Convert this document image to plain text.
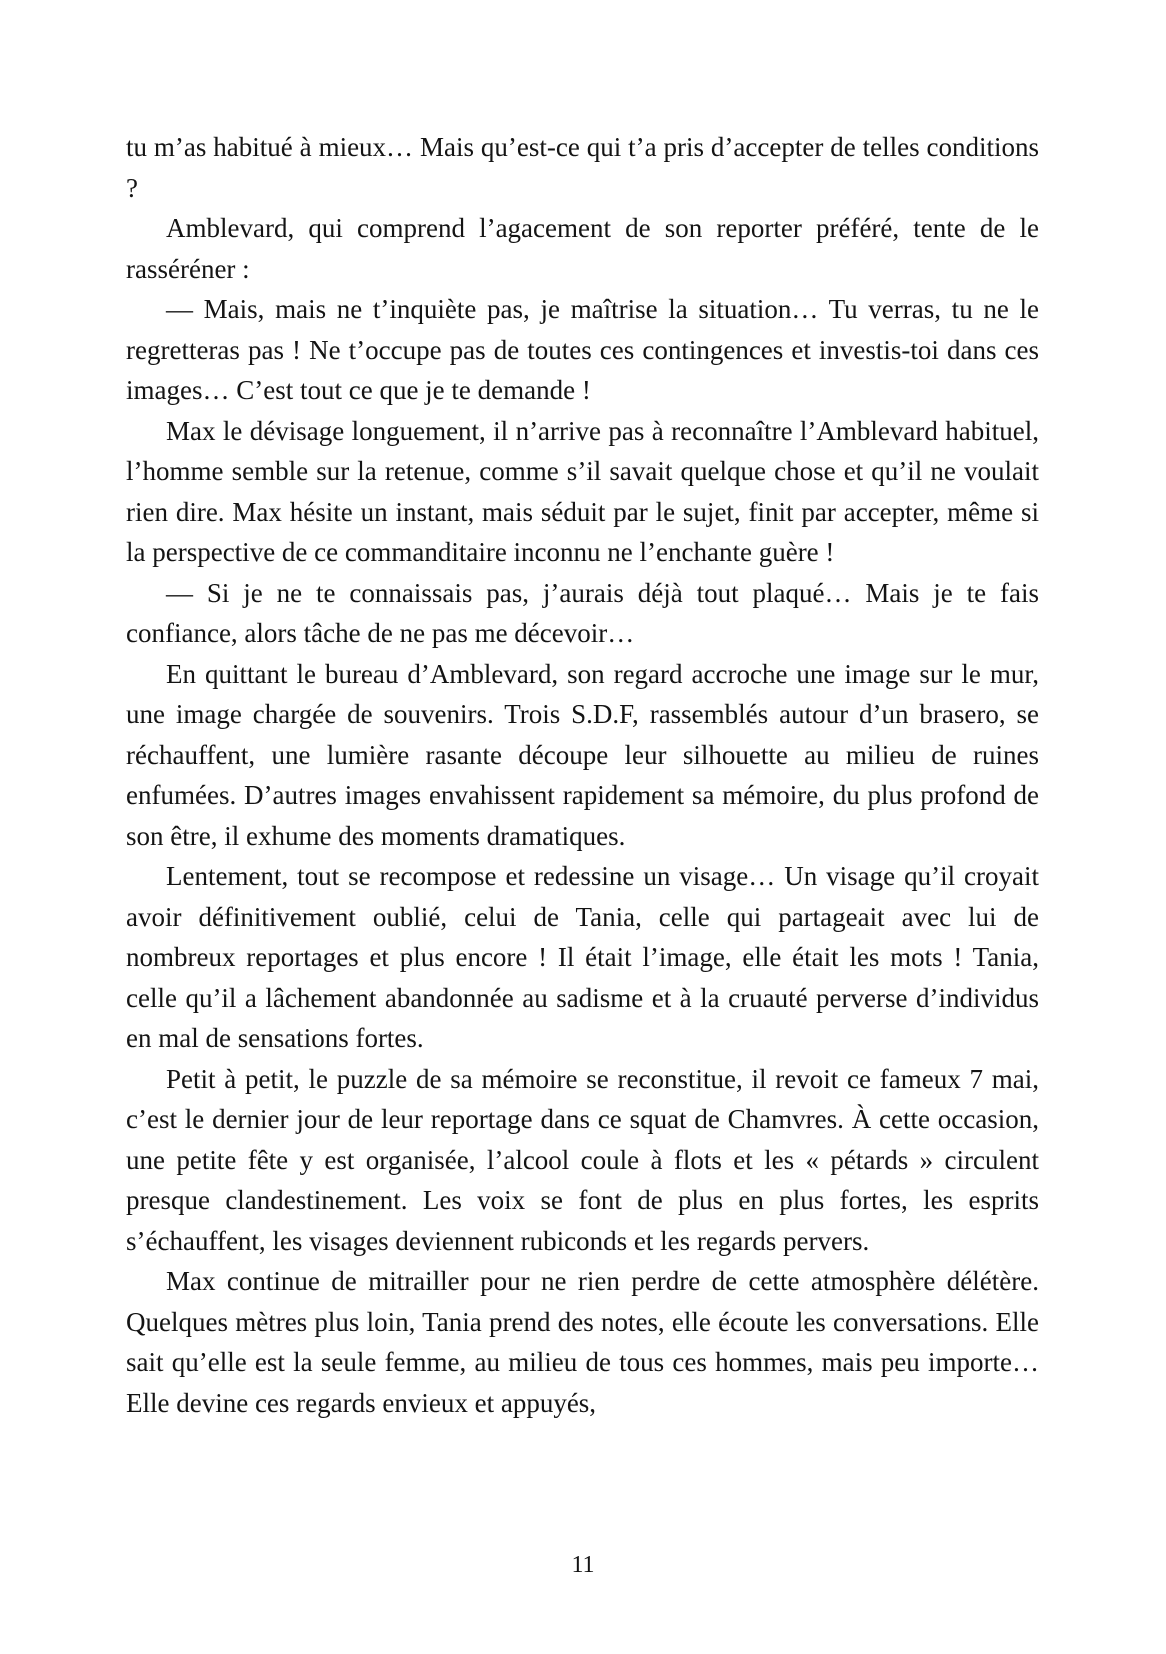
tu m’as habitué à mieux… Mais qu’est-ce qui t’a pris d’accepter de telles conditions ?

Amblevard, qui comprend l’agacement de son reporter préféré, tente de le rasséréner :

— Mais, mais ne t’inquiète pas, je maîtrise la situation… Tu verras, tu ne le regretteras pas ! Ne t’occupe pas de toutes ces contingences et investis-toi dans ces images… C’est tout ce que je te demande !

Max le dévisage longuement, il n’arrive pas à reconnaître l’Amblevard habituel, l’homme semble sur la retenue, comme s’il savait quelque chose et qu’il ne voulait rien dire. Max hésite un instant, mais séduit par le sujet, finit par accepter, même si la perspective de ce commanditaire inconnu ne l’enchante guère !

— Si je ne te connaissais pas, j’aurais déjà tout plaqué… Mais je te fais confiance, alors tâche de ne pas me décevoir…

En quittant le bureau d’Amblevard, son regard accroche une image sur le mur, une image chargée de souvenirs. Trois S.D.F, rassemblés autour d’un brasero, se réchauffent, une lumière rasante découpe leur silhouette au milieu de ruines enfumées. D’autres images envahissent rapidement sa mémoire, du plus profond de son être, il exhume des moments dramatiques.

Lentement, tout se recompose et redessine un visage… Un visage qu’il croyait avoir définitivement oublié, celui de Tania, celle qui partageait avec lui de nombreux reportages et plus encore ! Il était l’image, elle était les mots ! Tania, celle qu’il a lâchement abandonnée au sadisme et à la cruauté perverse d’individus en mal de sensations fortes.

Petit à petit, le puzzle de sa mémoire se reconstitue, il revoit ce fameux 7 mai, c’est le dernier jour de leur reportage dans ce squat de Chamvres. À cette occasion, une petite fête y est organisée, l’alcool coule à flots et les « pétards » circulent presque clandestinement. Les voix se font de plus en plus fortes, les esprits s’échauffent, les visages deviennent rubiconds et les regards pervers.

Max continue de mitrailler pour ne rien perdre de cette atmosphère délétère. Quelques mètres plus loin, Tania prend des notes, elle écoute les conversations. Elle sait qu’elle est la seule femme, au milieu de tous ces hommes, mais peu importe… Elle devine ces regards envieux et appuyés,

11
